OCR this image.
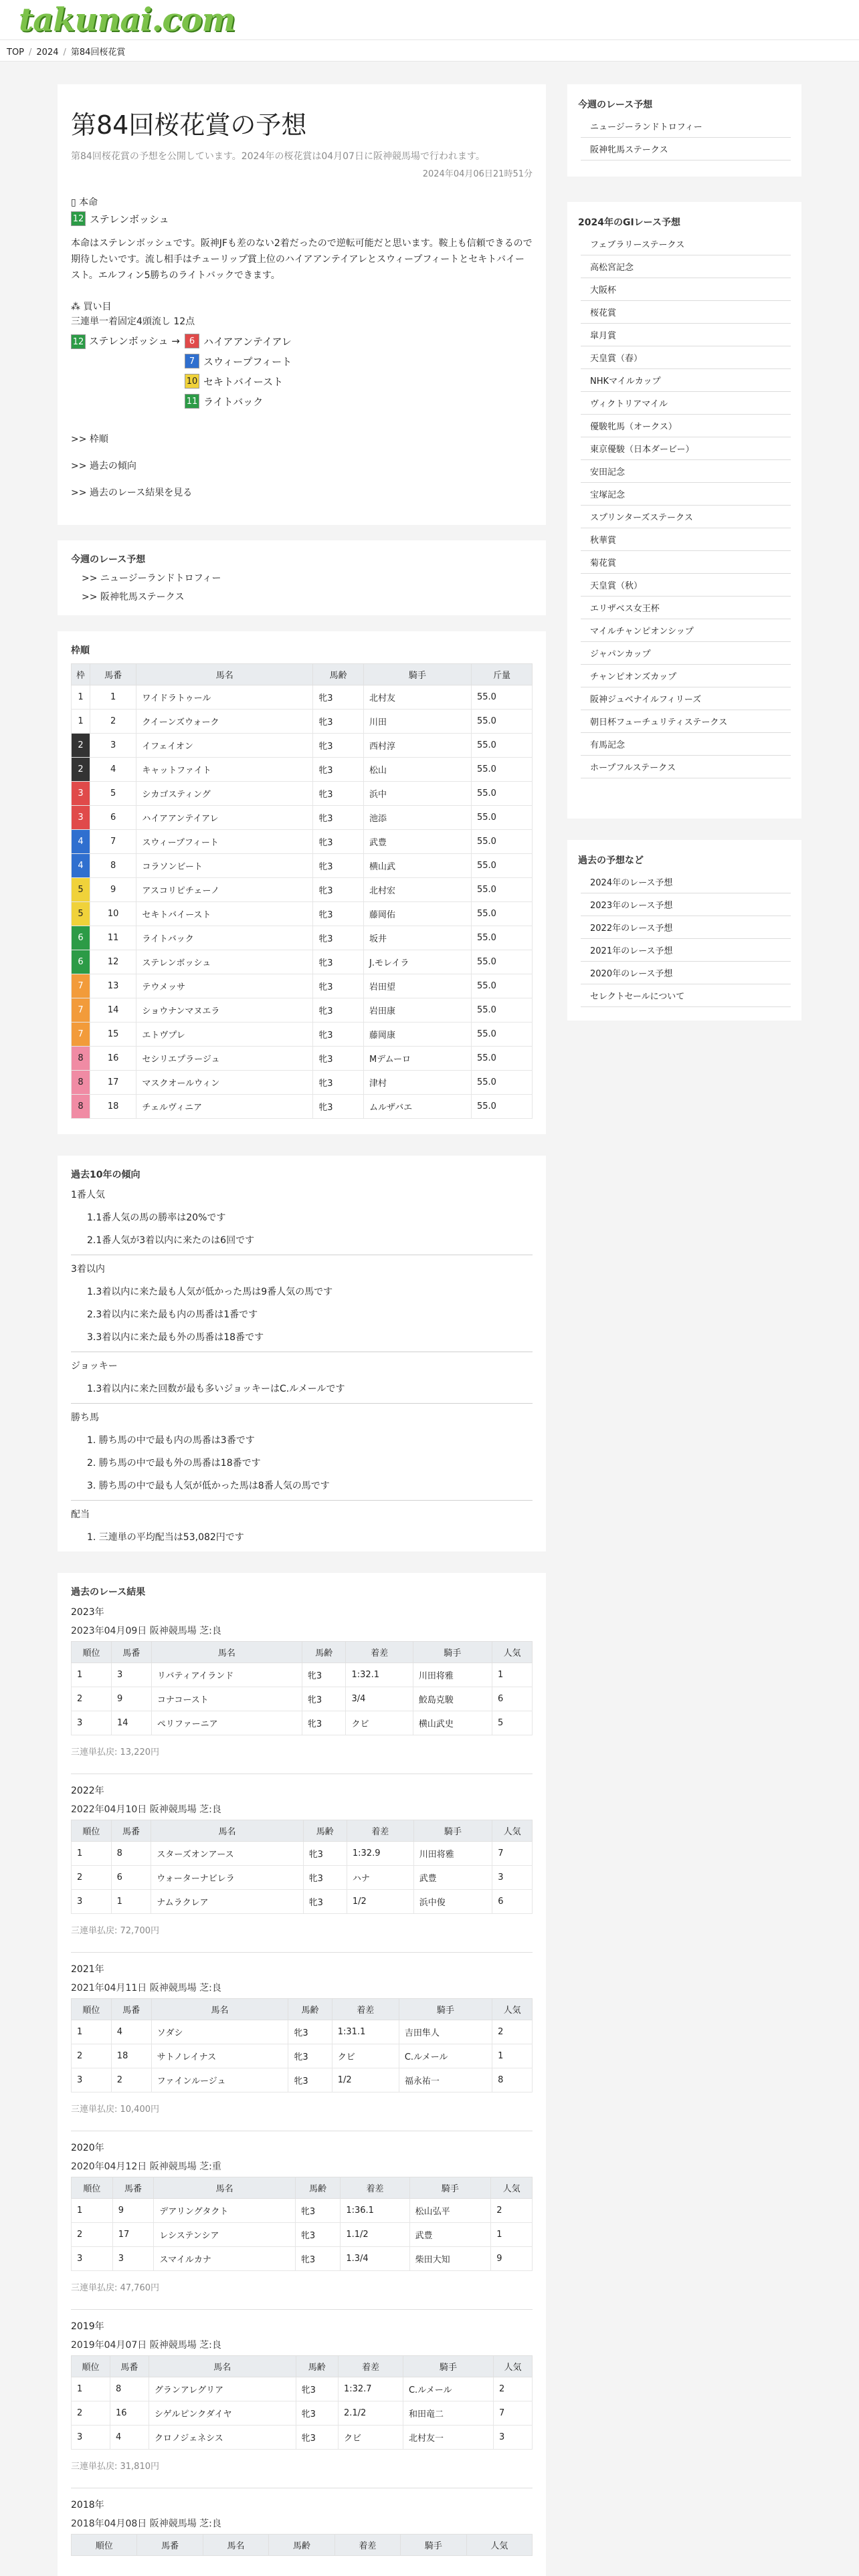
takunai.com
TOP / 2024 / 第84回桜花賞
第84回桜花賞の予想

第84回桜花賞の予想を公開しています。2024年の桜花賞は04月07日に阪神競馬場で行われます。

2024年04月06日21時51分

▯ 本命
12 ステレンボッシュ

本命はステレンボッシュです。阪神JFも差のない2着だったので逆転可能だと思います。鞍上も信頼できるので期待したいです。流し相手はチューリップ賞上位のハイアアンテイアレとスウィープフィートとセキトバイースト。エルフィン5勝ちのライトバックできます。

⁂ 買い目
三連単一着固定4頭流し 12点
12 ステレンボッシュ →	6 ハイアアンテイアレ
7 スウィープフィート
10 セキトバイースト
11 ライトバック
>> 枠順
>> 過去の傾向
>> 過去のレース結果を見る
今週のレース予想
>> ニュージーランドトロフィー
>> 阪神牝馬ステークス
枠順
枠	馬番	馬名	馬齢	騎手	斤量
1	1	ワイドラトゥール	牝3	北村友	55.0
1	2	クイーンズウォーク	牝3	川田	55.0
2	3	イフェイオン	牝3	西村淳	55.0
2	4	キャットファイト	牝3	松山	55.0
3	5	シカゴスティング	牝3	浜中	55.0
3	6	ハイアアンテイアレ	牝3	池添	55.0
4	7	スウィープフィート	牝3	武豊	55.0
4	8	コラソンビート	牝3	横山武	55.0
5	9	アスコリピチェーノ	牝3	北村宏	55.0
5	10	セキトバイースト	牝3	藤岡佑	55.0
6	11	ライトバック	牝3	坂井	55.0
6	12	ステレンボッシュ	牝3	J.モレイラ	55.0
7	13	テウメッサ	牝3	岩田望	55.0
7	14	ショウナンマヌエラ	牝3	岩田康	55.0
7	15	エトヴプレ	牝3	藤岡康	55.0
8	16	セシリエプラージュ	牝3	Mデムーロ	55.0
8	17	マスクオールウィン	牝3	津村	55.0
8	18	チェルヴィニア	牝3	ムルザバエ	55.0
過去10年の傾向
1番人気
1.1番人気の馬の勝率は20%です
2.1番人気が3着以内に来たのは6回です
3着以内
1.3着以内に来た最も人気が低かった馬は9番人気の馬です
2.3着以内に来た最も内の馬番は1番です
3.3着以内に来た最も外の馬番は18番です
ジョッキー
1.3着以内に来た回数が最も多いジョッキーはC.ルメールです
勝ち馬
1. 勝ち馬の中で最も内の馬番は3番です
2. 勝ち馬の中で最も外の馬番は18番です
3. 勝ち馬の中で最も人気が低かった馬は8番人気の馬です
配当
1. 三連単の平均配当は53,082円です
過去のレース結果
2023年
2023年04月09日 阪神競馬場 芝:良
順位	馬番	馬名	馬齢	着差	騎手	人気
1	3	リバティアイランド	牝3	1:32.1	川田将雅	1
2	9	コナコースト	牝3	3/4	鮫島克駿	6
3	14	ペリファーニア	牝3	クビ	横山武史	5
三連単払戻: 13,220円
2022年
2022年04月10日 阪神競馬場 芝:良
順位	馬番	馬名	馬齢	着差	騎手	人気
1	8	スターズオンアース	牝3	1:32.9	川田将雅	7
2	6	ウォーターナビレラ	牝3	ハナ	武豊	3
3	1	ナムラクレア	牝3	1/2	浜中俊	6
三連単払戻: 72,700円
2021年
2021年04月11日 阪神競馬場 芝:良
順位	馬番	馬名	馬齢	着差	騎手	人気
1	4	ソダシ	牝3	1:31.1	吉田隼人	2
2	18	サトノレイナス	牝3	クビ	C.ルメール	1
3	2	ファインルージュ	牝3	1/2	福永祐一	8
三連単払戻: 10,400円
2020年
2020年04月12日 阪神競馬場 芝:重
順位	馬番	馬名	馬齢	着差	騎手	人気
1	9	デアリングタクト	牝3	1:36.1	松山弘平	2
2	17	レシステンシア	牝3	1.1/2	武豊	1
3	3	スマイルカナ	牝3	1.3/4	柴田大知	9
三連単払戻: 47,760円
2019年
2019年04月07日 阪神競馬場 芝:良
順位	馬番	馬名	馬齢	着差	騎手	人気
1	8	グランアレグリア	牝3	1:32.7	C.ルメール	2
2	16	シゲルピンクダイヤ	牝3	2.1/2	和田竜二	7
3	4	クロノジェネシス	牝3	クビ	北村友一	3
三連単払戻: 31,810円
2018年
2018年04月08日 阪神競馬場 芝:良
順位	馬番	馬名	馬齢	着差	騎手	人気
今週のレース予想
ニュージーランドトロフィー
阪神牝馬ステークス
2024年のGⅠレース予想
フェブラリーステークス
高松宮記念
大阪杯
桜花賞
皐月賞
天皇賞（春）
NHKマイルカップ
ヴィクトリアマイル
優駿牝馬（オークス）
東京優駿（日本ダービー）
安田記念
宝塚記念
スプリンターズステークス
秋華賞
菊花賞
天皇賞（秋）
エリザベス女王杯
マイルチャンピオンシップ
ジャパンカップ
チャンピオンズカップ
阪神ジュベナイルフィリーズ
朝日杯フューチュリティステークス
有馬記念
ホープフルステークス
過去の予想など
2024年のレース予想
2023年のレース予想
2022年のレース予想
2021年のレース予想
2020年のレース予想
セレクトセールについて
